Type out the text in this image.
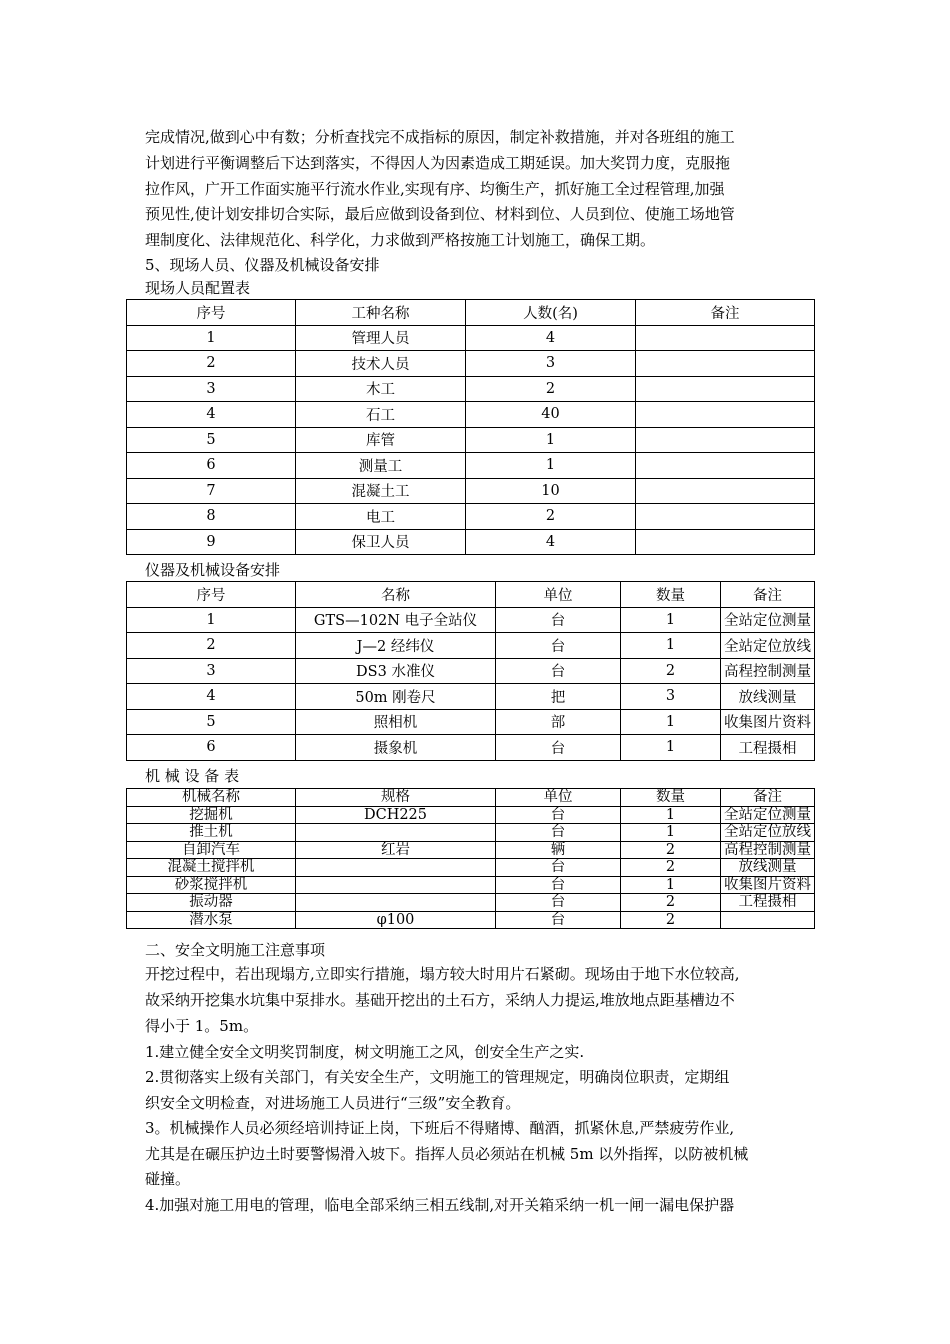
完成情况,做到心中有数；分析查找完不成指标的原因，制定补救措施，并对各班组的施工
计划进行平衡调整后下达到落实，不得因人为因素造成工期延误。加大奖罚力度，克服拖
拉作风，广开工作面实施平行流水作业,实现有序、均衡生产，抓好施工全过程管理,加强
预见性,使计划安排切合实际，最后应做到设备到位、材料到位、人员到位、使施工场地管
理制度化、法律规范化、科学化，力求做到严格按施工计划施工，确保工期。
5、现场人员、仪器及机械设备安排
现场人员配置表
序号	工种名称	人数(名)	备注
1	管理人员	4	
2	技术人员	3	
3	木工	2	
4	石工	40	
5	库管	1	
6	测量工	1	
7	混凝土工	10	
8	电工	2	
9	保卫人员	4	
仪器及机械设备安排
序号	名称	单位	数量	备注
1	GTS—102N 电子全站仪	台	1	全站定位测量
2	J—2 经纬仪	台	1	全站定位放线
3	DS3 水准仪	台	2	高程控制测量
4	50m 刚卷尺	把	3	放线测量
5	照相机	部	1	收集图片资料
6	摄象机	台	1	工程摄相
机 械 设 备 表
机械名称	规格	单位	数量	备注
挖掘机	DCH225	台	1	全站定位测量
推土机		台	1	全站定位放线
自卸汽车	红岩	辆	2	高程控制测量
混凝土搅拌机		台	2	放线测量
砂浆搅拌机		台	1	收集图片资料
振动器		台	2	工程摄相
潜水泵	φ100	台	2	
二、安全文明施工注意事项
开挖过程中，若出现塌方,立即实行措施，塌方较大时用片石紧砌。现场由于地下水位较高,
故采纳开挖集水坑集中泵排水。基础开挖出的土石方，采纳人力提运,堆放地点距基槽边不
得小于 1。5m。
1.建立健全安全文明奖罚制度，树文明施工之风，创安全生产之实.
2.贯彻落实上级有关部门，有关安全生产，文明施工的管理规定，明确岗位职责，定期组
织安全文明检查，对进场施工人员进行“三级”安全教育。
3。机械操作人员必须经培训持证上岗，下班后不得赌博、酗酒，抓紧休息,严禁疲劳作业,
尤其是在碾压护边土时要警惕滑入坡下。指挥人员必须站在机械 5m 以外指挥，以防被机械
碰撞。
4.加强对施工用电的管理，临电全部采纳三相五线制,对开关箱采纳一机一闸一漏电保护器
